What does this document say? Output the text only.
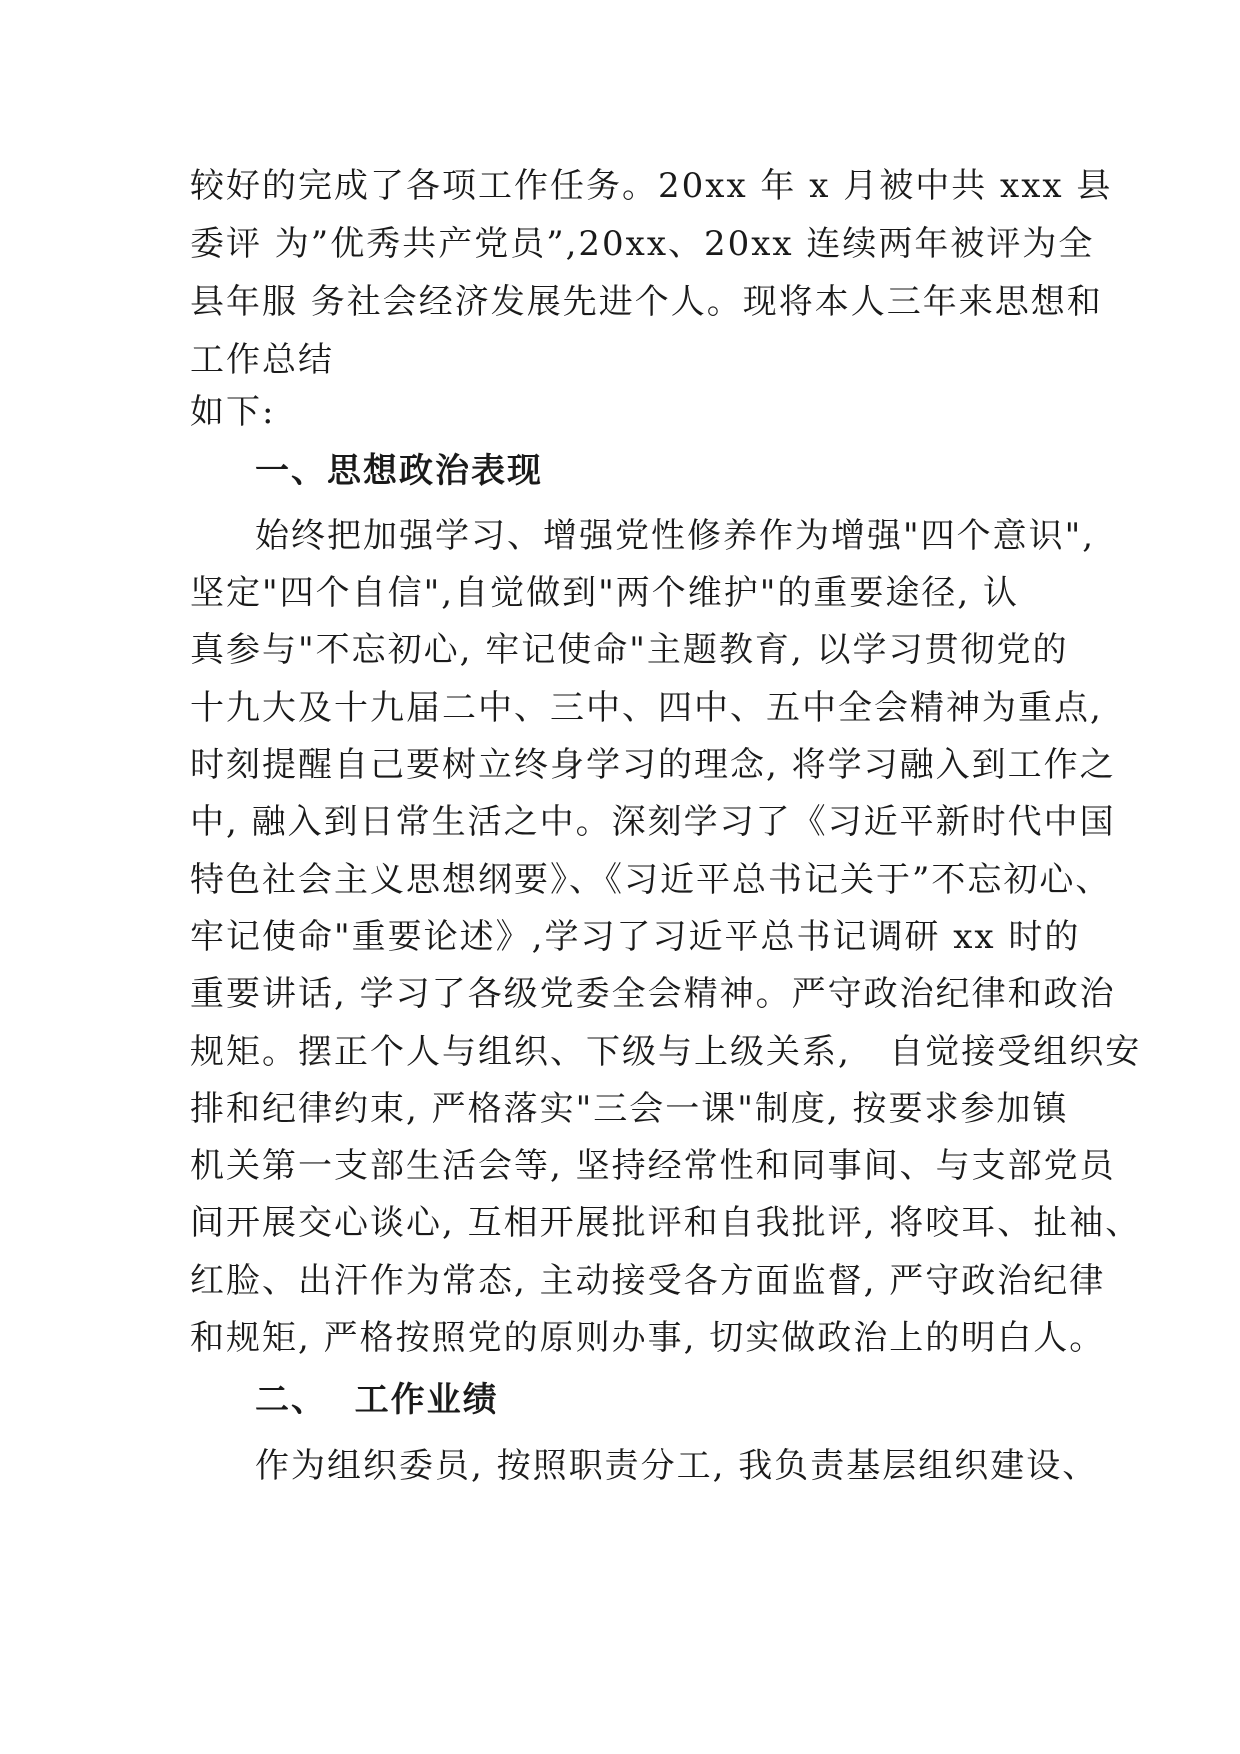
较好的完成了各项工作任务。20xx 年 x 月被中共 xxx 县
委评 为”优秀共产党员”,20xx、20xx 连续两年被评为全
县年服 务社会经济发展先进个人。现将本人三年来思想和
工作总结
如下:
一、思想政治表现
始终把加强学习、增强党性修养作为增强"四个意识",
坚定"四个自信",自觉做到"两个维护"的重要途径, 认
真参与"不忘初心, 牢记使命"主题教育, 以学习贯彻党的
十九大及十九届二中、三中、四中、五中全会精神为重点,
时刻提醒自己要树立终身学习的理念, 将学习融入到工作之
中, 融入到日常生活之中。深刻学习了《习近平新时代中国
特色社会主义思想纲要》、《习近平总书记关于”不忘初心、
牢记使命"重要论述》,学习了习近平总书记调研 xx 时的
重要讲话, 学习了各级党委全会精神。严守政治纪律和政治
规矩。摆正个人与组织、下级与上级关系,   自觉接受组织安
排和纪律约束, 严格落实"三会一课"制度, 按要求参加镇
机关第一支部生活会等, 坚持经常性和同事间、与支部党员
间开展交心谈心, 互相开展批评和自我批评, 将咬耳、扯袖、
红脸、出汗作为常态, 主动接受各方面监督, 严守政治纪律
和规矩, 严格按照党的原则办事, 切实做政治上的明白人。
二、  工作业绩
作为组织委员, 按照职责分工, 我负责基层组织建设、
